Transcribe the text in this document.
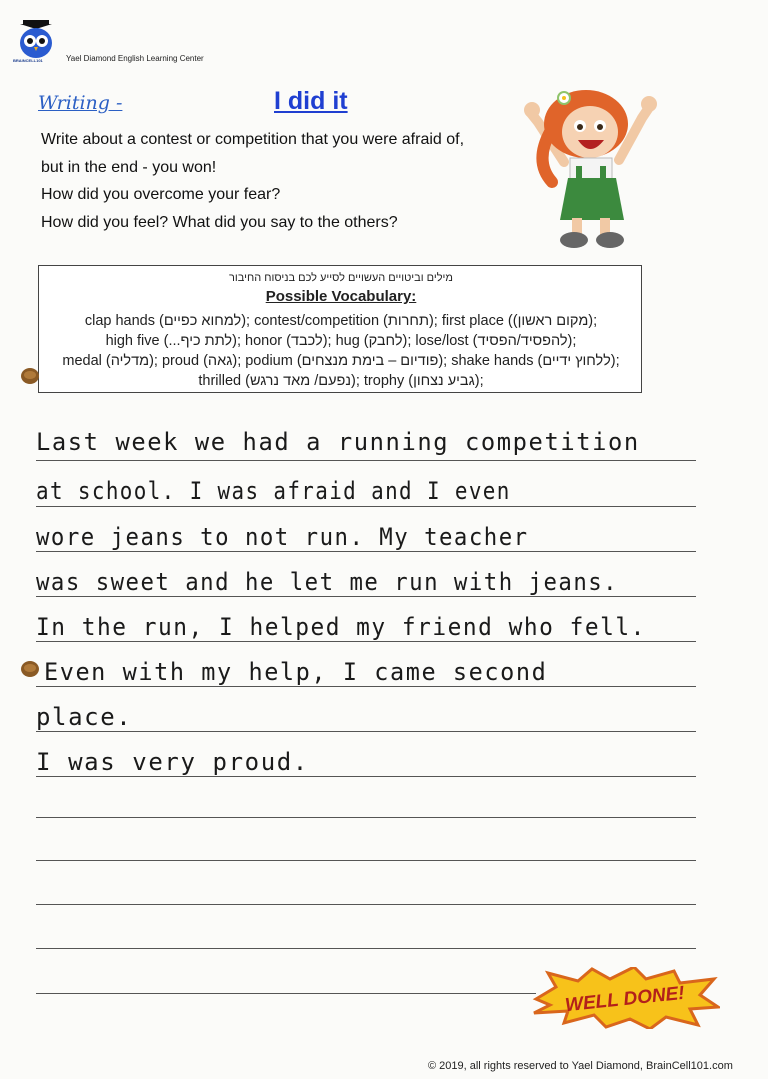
BRAINCELL101	Yael Diamond English Learning Center
Writing -	I did it
Write about a contest or competition that you were afraid of,
but in the end - you won!
How did you overcome your fear?
How did you feel? What did you say to the others?
מילים וביטויים העשויים לסייע לכם בניסוח החיבור
Possible Vocabulary:
clap hands (למחוא כפיים); contest/competition (תחרות); first place ((מקום ראשון);
high five (...לתת כיף); honor (לכבד); hug (לחבק); lose/lost (להפסיד/הפסיד);
medal (מדליה); proud (גאה); podium (פודיום – בימת מנצחים); shake hands (ללחוץ ידיים);
thrilled (נפעם/ מאד נרגש); trophy (גביע נצחון);
Last week we had a running competition
at school. I was afraid and I even
wore jeans to not run. My teacher
was sweet and he let me run with jeans.
In the run, I helped my friend who fell.
Even with my help, I came second
place.
I was very proud.
WELL DONE!
© 2019, all rights reserved to Yael Diamond, BrainCell101.com
